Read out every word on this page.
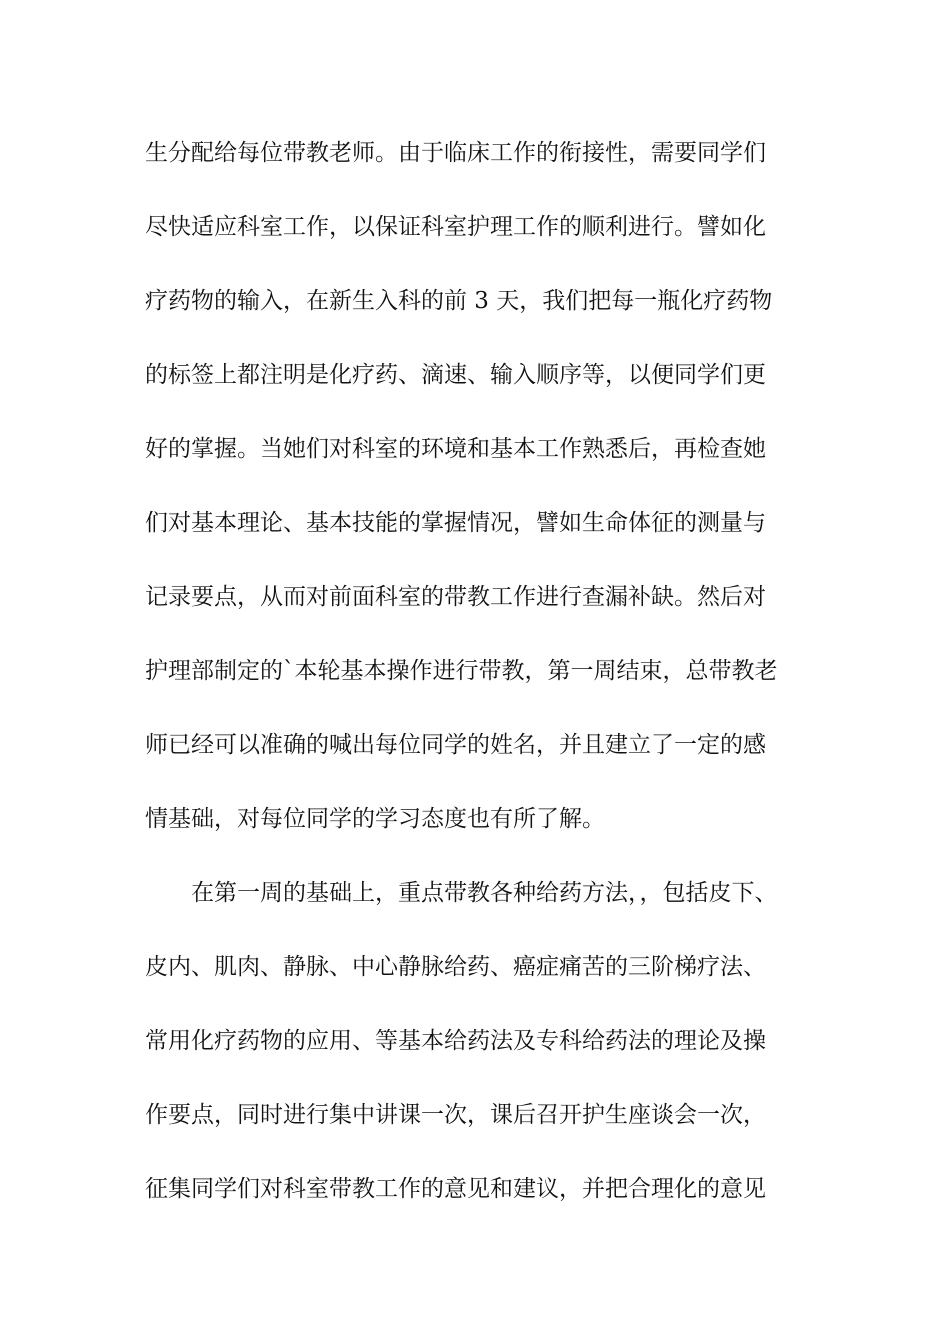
生分配给每位带教老师。由于临床工作的衔接性，需要同学们
尽快适应科室工作，以保证科室护理工作的顺利进行。譬如化
疗药物的输入，在新生入科的前 3 天，我们把每一瓶化疗药物
的标签上都注明是化疗药、滴速、输入顺序等，以便同学们更
好的掌握。当她们对科室的环境和基本工作熟悉后，再检查她
们对基本理论、基本技能的掌握情况，譬如生命体征的测量与
记录要点，从而对前面科室的带教工作进行查漏补缺。然后对
护理部制定的`本轮基本操作进行带教，第一周结束，总带教老
师已经可以准确的喊出每位同学的姓名，并且建立了一定的感
情基础，对每位同学的学习态度也有所了解。
　　在第一周的基础上，重点带教各种给药方法，，包括皮下、
皮内、肌肉、静脉、中心静脉给药、癌症痛苦的三阶梯疗法、
常用化疗药物的应用、等基本给药法及专科给药法的理论及操
作要点，同时进行集中讲课一次，课后召开护生座谈会一次，
征集同学们对科室带教工作的意见和建议，并把合理化的意见
